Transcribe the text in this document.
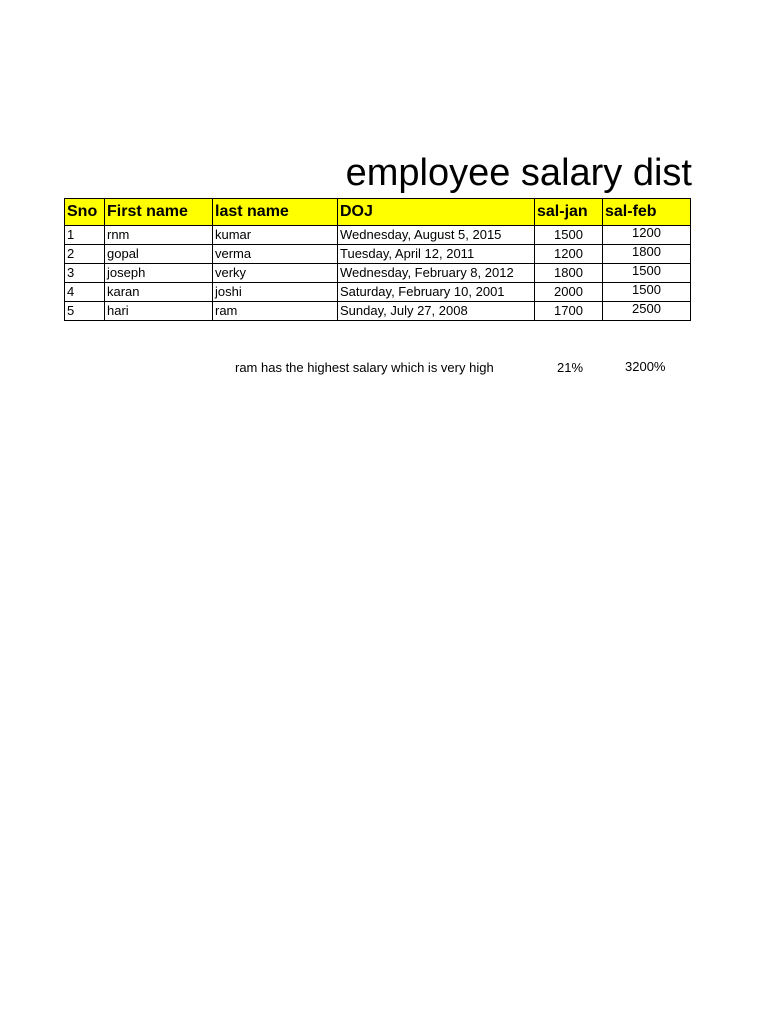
employee salary dist
Sno	First name	last name	DOJ	sal-jan	sal-feb
1	rnm	kumar	Wednesday, August 5, 2015	1500	1200
2	gopal	verma	Tuesday, April 12, 2011	1200	1800
3	joseph	verky	Wednesday, February 8, 2012	1800	1500
4	karan	joshi	Saturday, February 10, 2001	2000	1500
5	hari	ram	Sunday, July 27, 2008	1700	2500
ram has the highest salary which is very high	21%	3200%
